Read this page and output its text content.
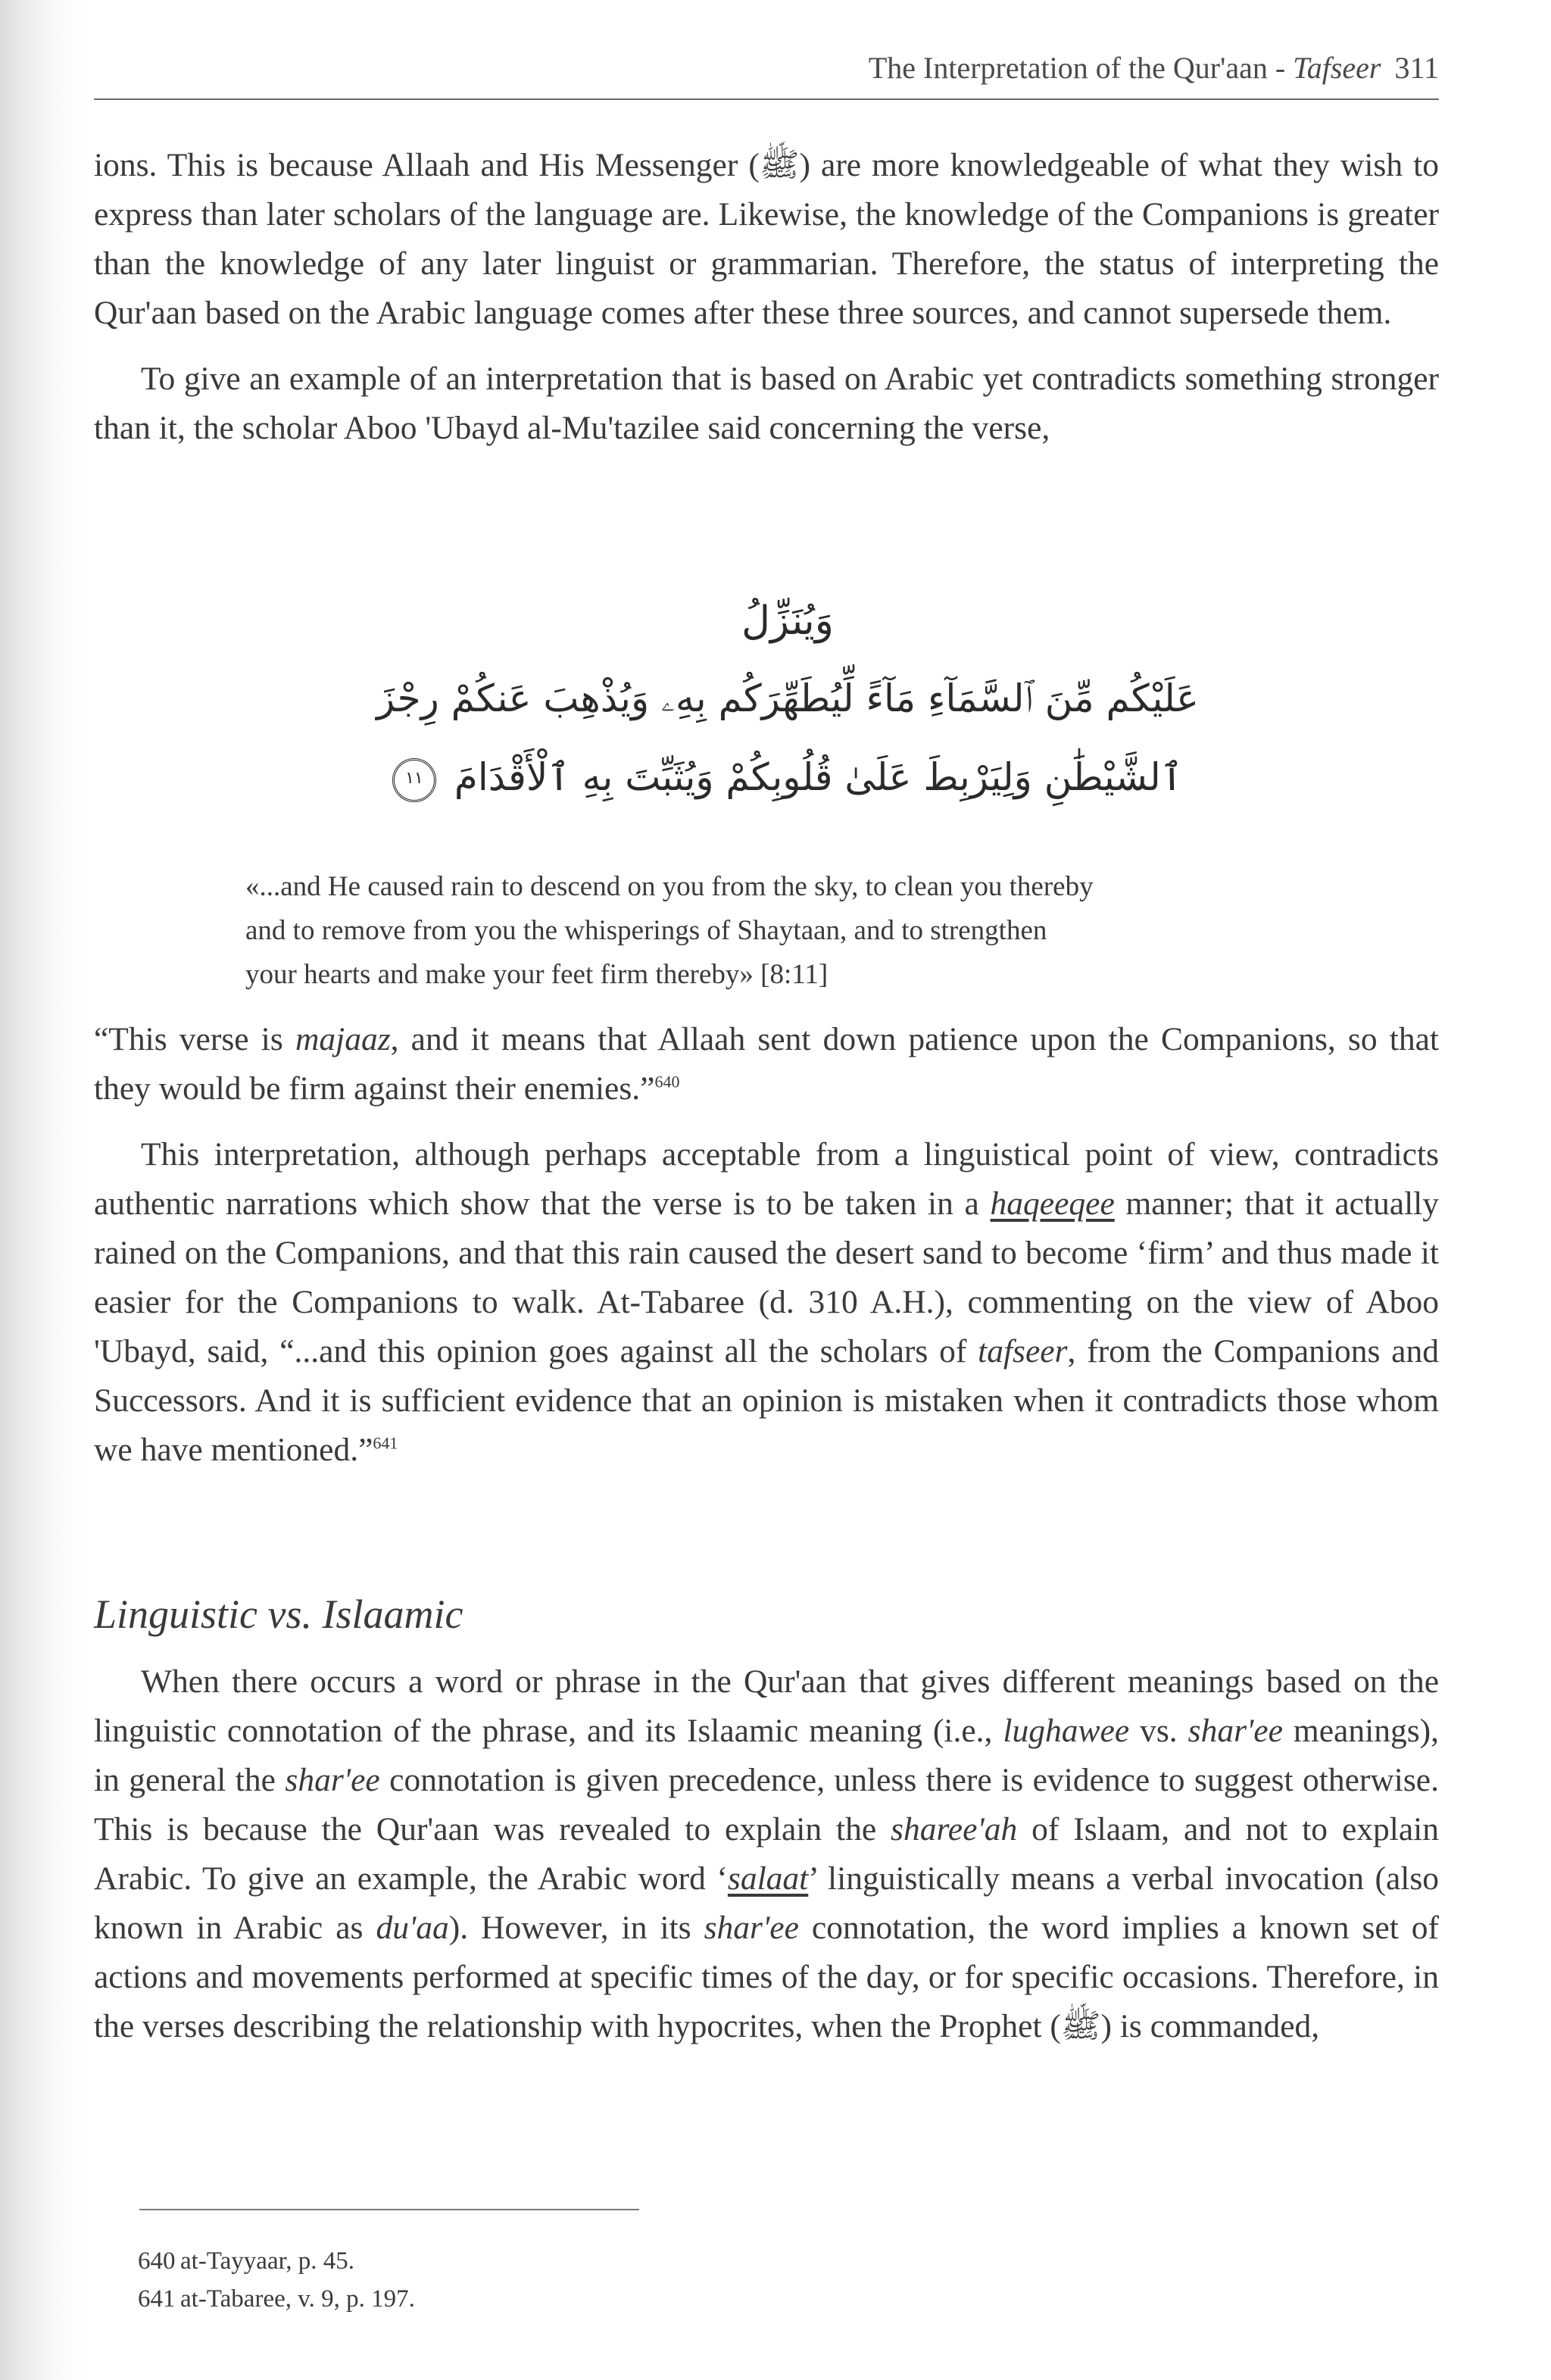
The Interpretation of the Qur'aan - Tafseer 311

ions. This is because Allaah and His Messenger (ﷺ) are more knowledgeable of what they wish to express than later scholars of the language are. Likewise, the knowledge of the Companions is greater than the knowledge of any later linguist or grammarian. Therefore, the status of interpreting the Qur'aan based on the Arabic language comes after these three sources, and cannot supersede them.

To give an example of an interpretation that is based on Arabic yet contradicts something stronger than it, the scholar Aboo 'Ubayd al-Mu'tazilee said concerning the verse,

وَيُنَزِّلُ
عَلَيْكُم مِّنَ ٱلسَّمَآءِ مَآءً لِّيُطَهِّرَكُم بِهِۦ وَيُذْهِبَ عَنكُمْ رِجْزَ
ٱلشَّيْطَٰنِ وَلِيَرْبِطَ عَلَىٰ قُلُوبِكُمْ وَيُثَبِّتَ بِهِ ٱلْأَقْدَامَ ١١
«...and He caused rain to descend on you from the sky, to clean you thereby
and to remove from you the whisperings of Shaytaan, and to strengthen
your hearts and make your feet firm thereby» [8:11]

“This verse is majaaz, and it means that Allaah sent down patience upon the Companions, so that they would be firm against their enemies.”$^{640}$

This interpretation, although perhaps acceptable from a linguistical point of view, contradicts authentic narrations which show that the verse is to be taken in a haqeeqee manner; that it actually rained on the Companions, and that this rain caused the desert sand to become ‘firm’ and thus made it easier for the Companions to walk. At-Tabaree (d. 310 A.H.), commenting on the view of Aboo 'Ubayd, said, “...and this opinion goes against all the scholars of tafseer, from the Companions and Successors. And it is sufficient evidence that an opinion is mistaken when it contradicts those whom we have mentioned.”$^{641}$

Linguistic vs. Islaamic

When there occurs a word or phrase in the Qur'aan that gives different meanings based on the linguistic connotation of the phrase, and its Islaamic meaning (i.e., lughawee vs. shar'ee meanings), in general the shar'ee connotation is given precedence, unless there is evidence to suggest otherwise. This is because the Qur'aan was revealed to explain the sharee'ah of Islaam, and not to explain Arabic. To give an example, the Arabic word ‘salaat’ linguistically means a verbal invocation (also known in Arabic as du'aa). However, in its shar'ee connotation, the word implies a known set of actions and movements performed at specific times of the day, or for specific occasions. Therefore, in the verses describing the relationship with hypocrites, when the Prophet (ﷺ) is commanded,

640 at-Tayyaar, p. 45.
641 at-Tabaree, v. 9, p. 197.
